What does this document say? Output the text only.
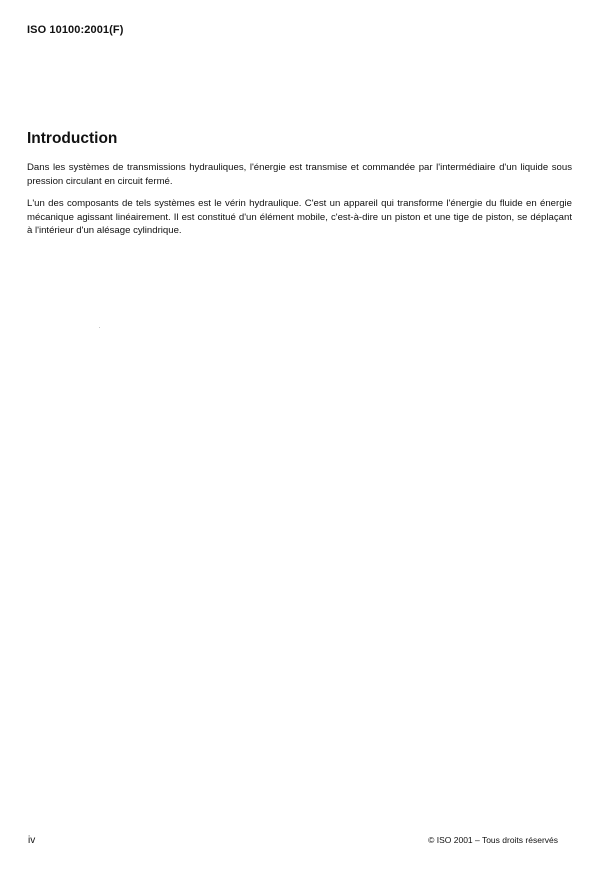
ISO 10100:2001(F)
Introduction

Dans les systèmes de transmissions hydrauliques, l'énergie est transmise et commandée par l'intermédiaire d'un liquide sous pression circulant en circuit fermé.

L'un des composants de tels systèmes est le vérin hydraulique. C'est un appareil qui transforme l'énergie du fluide en énergie mécanique agissant linéairement. Il est constitué d'un élément mobile, c'est-à-dire un piston et une tige de piston, se déplaçant à l'intérieur d'un alésage cylindrique.

iv	© ISO 2001 – Tous droits réservés
